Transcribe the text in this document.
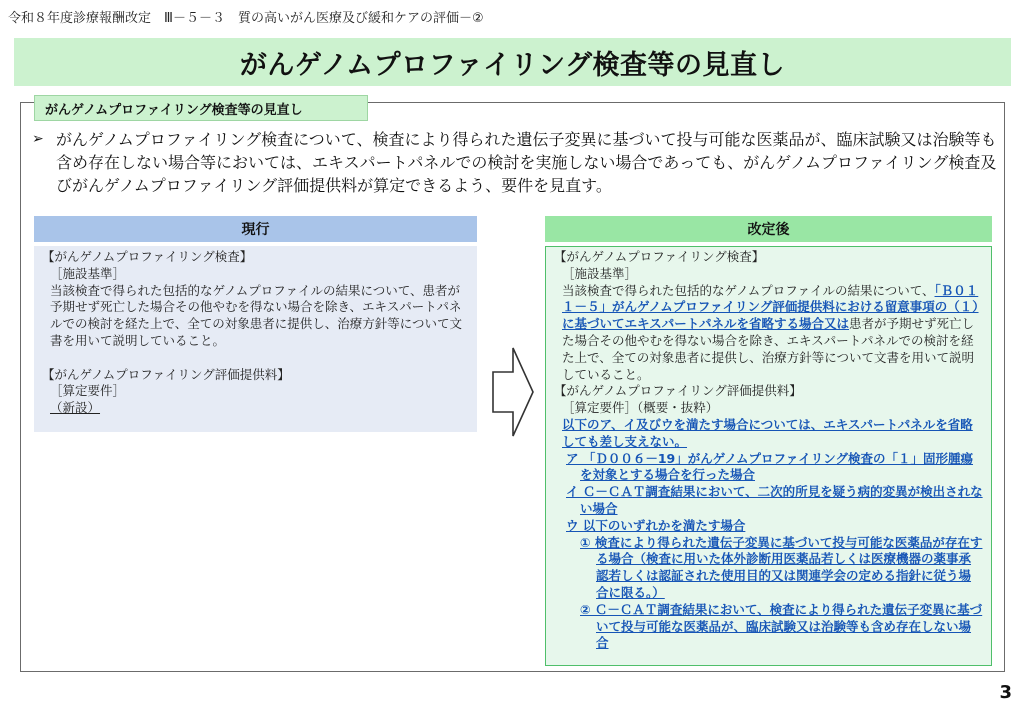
令和８年度診療報酬改定　Ⅲ－５－３　質の高いがん医療及び緩和ケアの評価－②
がんゲノムプロファイリング検査等の見直し
がんゲノムプロファイリング検査等の見直し
➢ がんゲノムプロファイリング検査について、検査により得られた遺伝子変異に基づいて投与可能な医薬品が、臨床試験又は治験等も含め存在しない場合等においては、エキスパートパネルでの検討を実施しない場合であっても、がんゲノムプロファイリング検査及びがんゲノムプロファイリング評価提供料が算定できるよう、要件を見直す。
現行	改定後

【がんゲノムプロファイリング検査】

［施設基準］

当該検査で得られた包括的なゲノムプロファイルの結果について、患者が予期せず死亡した場合その他やむを得ない場合を除き、エキスパートパネルでの検討を経た上で、全ての対象患者に提供し、治療方針等について文書を用いて説明していること。

【がんゲノムプロファイリング評価提供料】

［算定要件］

（新設）

【がんゲノムプロファイリング検査】

［施設基準］

当該検査で得られた包括的なゲノムプロファイルの結果について、「Ｂ０１１－５」がんゲノムプロファイリング評価提供料における留意事項の（１）に基づいてエキスパートパネルを省略する場合又は患者が予期せず死亡した場合その他やむを得ない場合を除き、エキスパートパネルでの検討を経た上で、全ての対象患者に提供し、治療方針等について文書を用いて説明していること。

【がんゲノムプロファイリング評価提供料】

［算定要件］（概要・抜粋）

以下のア、イ及びウを満たす場合については、エキスパートパネルを省略しても差し支えない。

ア 「Ｄ００６－19」がんゲノムプロファイリング検査の「１」固形腫瘍を対象とする場合を行った場合

イ Ｃ－ＣＡＴ調査結果において、二次的所見を疑う病的変異が検出されない場合

ウ 以下のいずれかを満たす場合

① 検査により得られた遺伝子変異に基づいて投与可能な医薬品が存在する場合（検査に用いた体外診断用医薬品若しくは医療機器の薬事承認若しくは認証された使用目的又は関連学会の定める指針に従う場合に限る。）

② Ｃ－ＣＡＴ調査結果において、検査により得られた遺伝子変異に基づいて投与可能な医薬品が、臨床試験又は治験等も含め存在しない場合

3
